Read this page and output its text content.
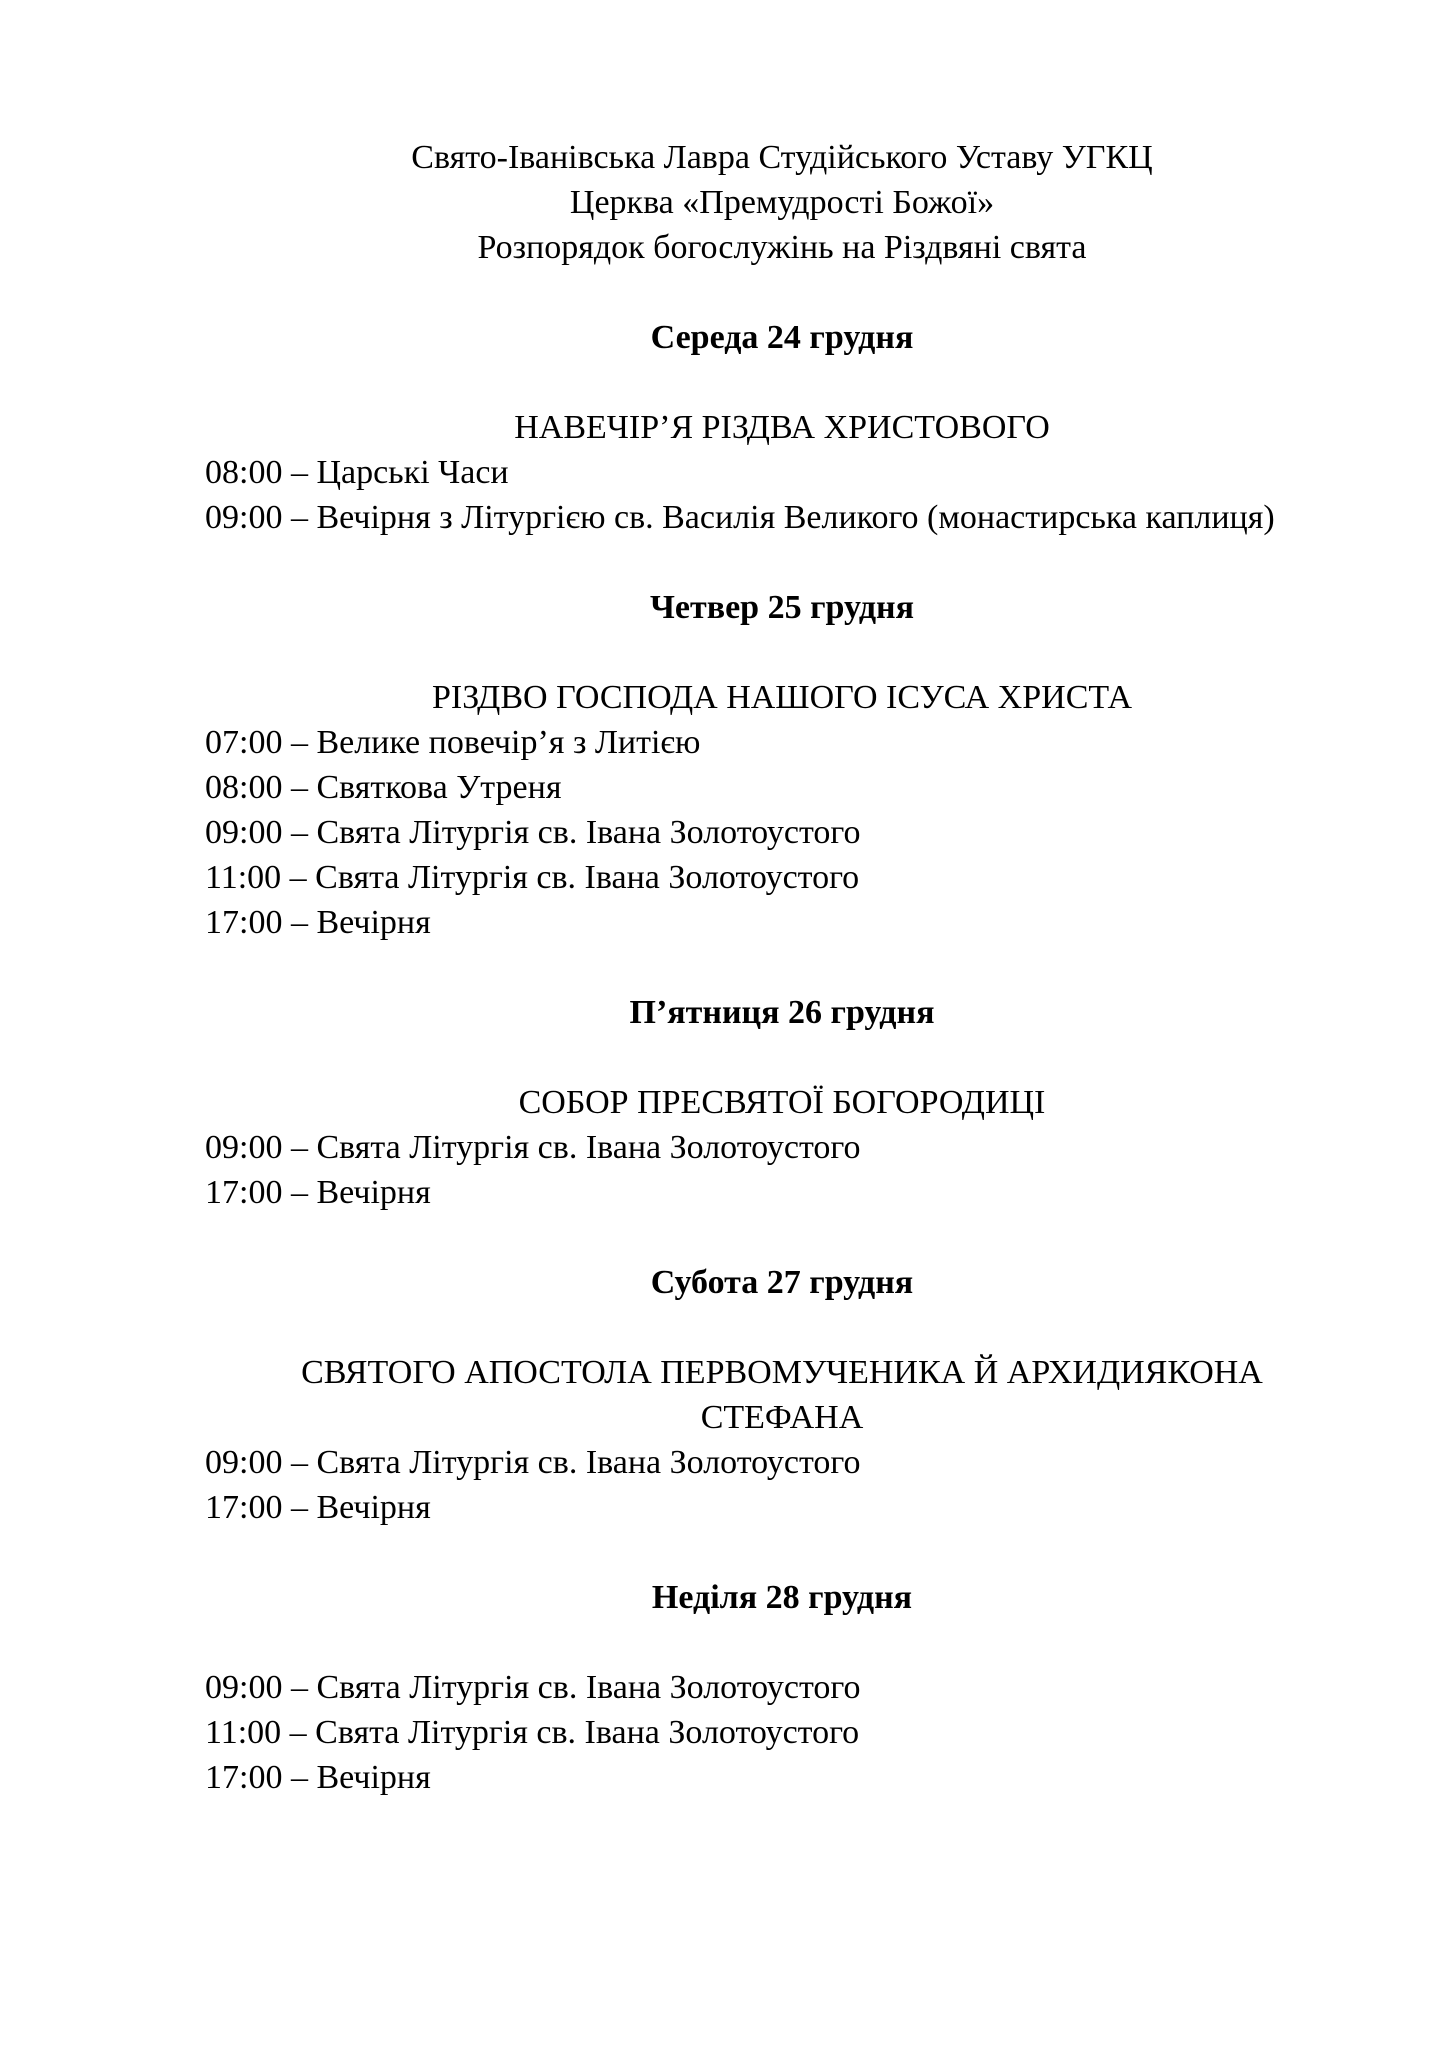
Свято-Іванівська Лавра Студійського Уставу УГКЦ
Церква «Премудрості Божої»
Розпорядок богослужінь на Різдвяні свята
Середа 24 грудня
НАВЕЧІР’Я РІЗДВА ХРИСТОВОГО
08:00 – Царські Часи
09:00 – Вечірня з Літургією св. Василія Великого (монастирська каплиця)
Четвер 25 грудня
РІЗДВО ГОСПОДА НАШОГО ІСУСА ХРИСТА
07:00 – Велике повечір’я з Литією
08:00 – Святкова Утреня
09:00 – Свята Літургія св. Івана Золотоустого
11:00 – Свята Літургія св. Івана Золотоустого
17:00 – Вечірня
П’ятниця 26 грудня
СОБОР ПРЕСВЯТОЇ БОГОРОДИЦІ
09:00 – Свята Літургія св. Івана Золотоустого
17:00 – Вечірня
Субота 27 грудня
СВЯТОГО АПОСТОЛА ПЕРВОМУЧЕНИКА Й АРХИДИЯКОНА СТЕФАНА
09:00 – Свята Літургія св. Івана Золотоустого
17:00 – Вечірня
Неділя 28 грудня
09:00 – Свята Літургія св. Івана Золотоустого
11:00 – Свята Літургія св. Івана Золотоустого
17:00 – Вечірня
